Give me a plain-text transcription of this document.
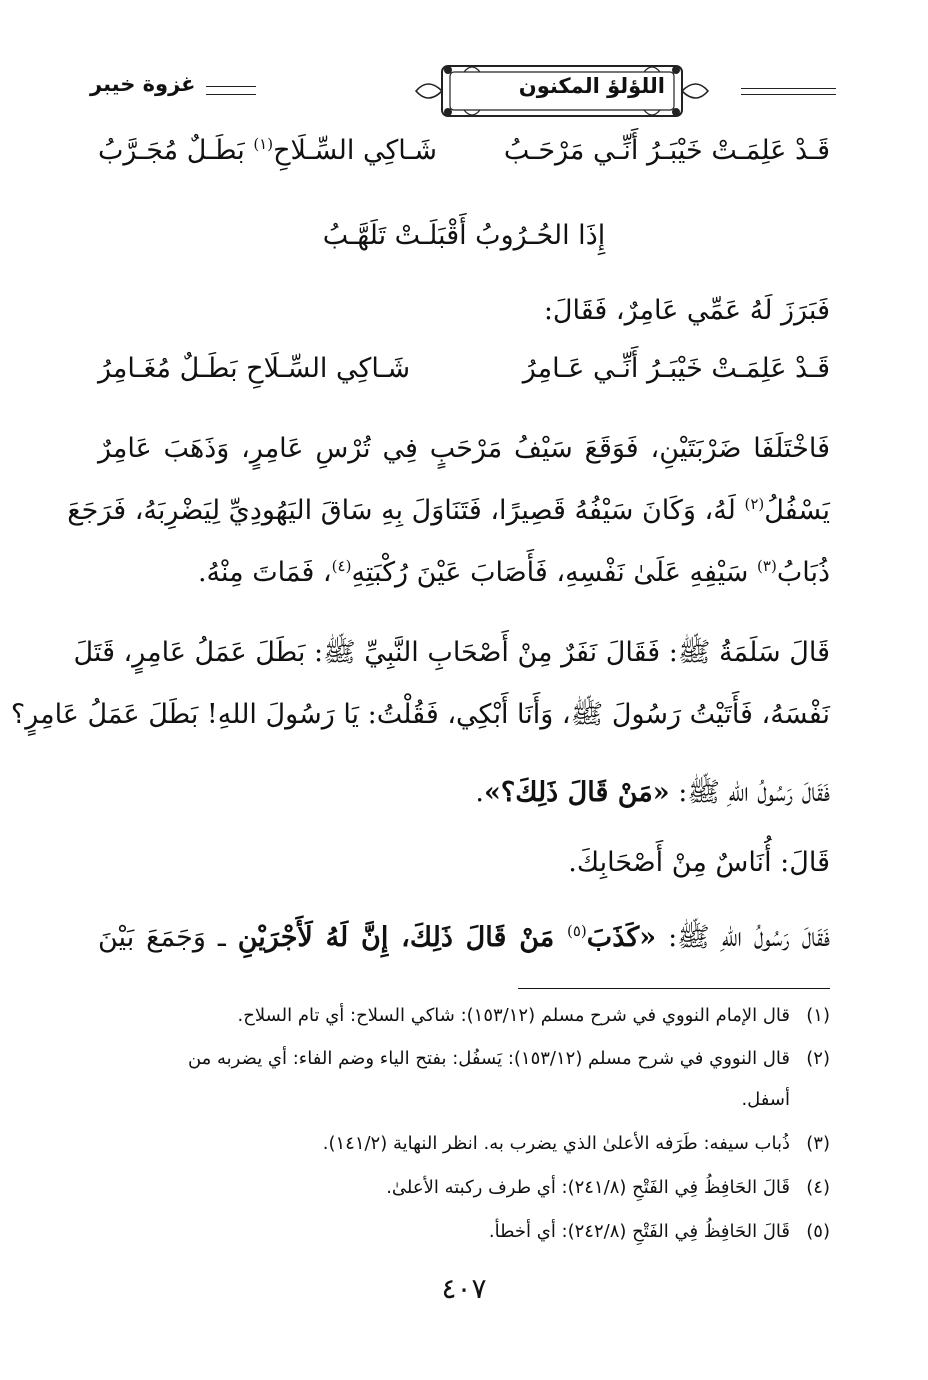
اللؤلؤ المكنون
غزوة خيبر
قَـدْ عَلِمَـتْ خَيْبَـرُ أَنِّـي مَرْحَـبُ
شَـاكِي السِّـلَاحِ$^{(١)}$ بَطَـلٌ مُجَـرَّبُ
إِذَا الحُـرُوبُ أَقْبَلَـتْ تَلَهَّـبُ
فَبَرَزَ لَهُ عَمِّي عَامِرٌ، فَقَالَ:
قَـدْ عَلِمَـتْ خَيْبَـرُ أَنِّـي عَـامِرُ
شَـاكِي السِّـلَاحِ بَطَـلٌ مُغَـامِرُ
فَاخْتَلَفَا ضَرْبَتَيْنِ، فَوَقَعَ سَيْفُ مَرْحَبٍ فِي تُرْسِ عَامِرٍ، وَذَهَبَ عَامِرٌ
يَسْفُلُ$^{(٢)}$ لَهُ، وَكَانَ سَيْفُهُ قَصِيرًا، فَتَنَاوَلَ بِهِ سَاقَ اليَهُودِيِّ لِيَضْرِبَهُ، فَرَجَعَ
ذُبَابُ$^{(٣)}$ سَيْفِهِ عَلَىٰ نَفْسِهِ، فَأَصَابَ عَيْنَ رُكْبَتِهِ$^{(٤)}$، فَمَاتَ مِنْهُ.
قَالَ سَلَمَةُ ﷺ: فَقَالَ نَفَرٌ مِنْ أَصْحَابِ النَّبِيِّ ﷺ: بَطَلَ عَمَلُ عَامِرٍ، قَتَلَ
نَفْسَهُ، فَأَتَيْتُ رَسُولَ ﷺ، وَأَنَا أَبْكِي، فَقُلْتُ: يَا رَسُولَ اللهِ! بَطَلَ عَمَلُ عَامِرٍ؟
فَقَالَ رَسُولُ اللهِ ﷺ: «مَنْ قَالَ ذَلِكَ؟».
قَالَ: أُنَاسٌ مِنْ أَصْحَابِكَ.
فَقَالَ رَسُولُ اللهِ ﷺ: «كَذَبَ$^{(٥)}$ مَنْ قَالَ ذَلِكَ، إِنَّ لَهُ لَأَجْرَيْنِ ـ وَجَمَعَ بَيْنَ
(١)قال الإمام النووي في شرح مسلم (١٥٣/١٢): شاكي السلاح: أي تام السلاح.
(٢)قال النووي في شرح مسلم (١٥٣/١٢): يَسفُل: بفتح الياء وضم الفاء: أي يضربه من
أسفل.
(٣)ذُباب سيفه: طَرَفه الأعلىٰ الذي يضرب به. انظر النهاية (١٤١/٢).
(٤)قَالَ الحَافِظُ فِي الفَتْحِ (٢٤١/٨): أي طرف ركبته الأعلىٰ.
(٥)قَالَ الحَافِظُ فِي الفَتْحِ (٢٤٢/٨): أي أخطأ.
٤٠٧
